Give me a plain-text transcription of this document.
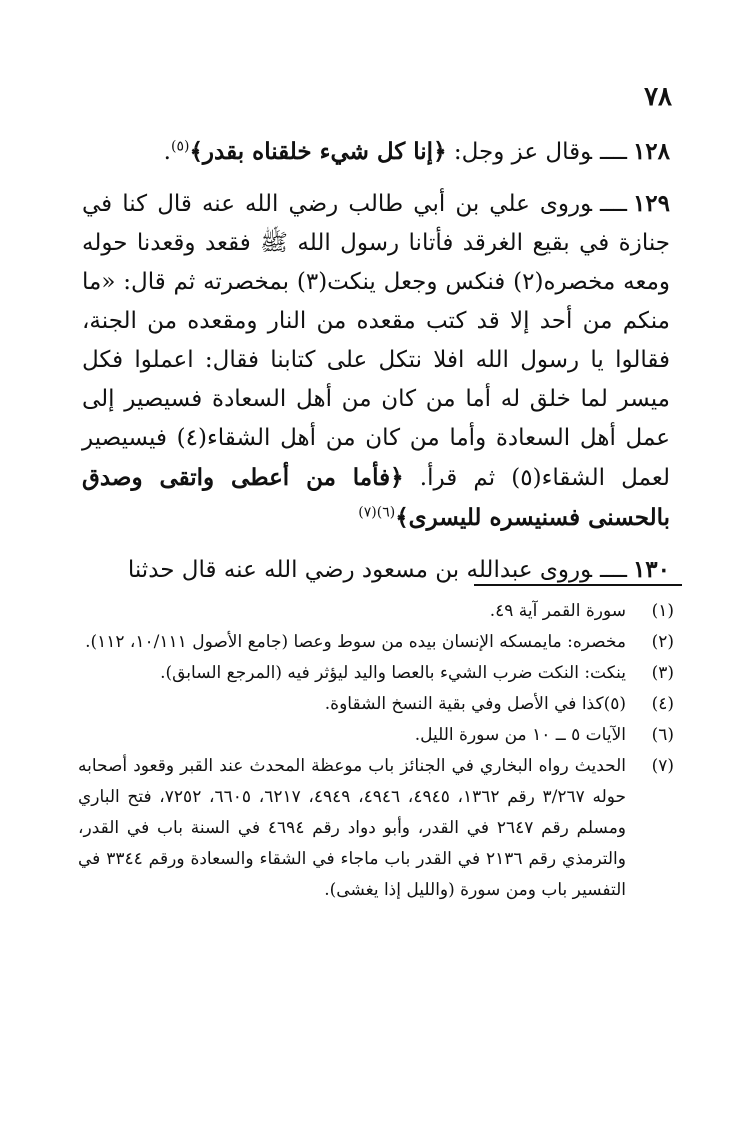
٧٨

١٢٨ــــوقال عز وجل: ﴿إنا كل شيء خلقناه بقدر﴾$^{(٥)}$.

١٢٩ــــوروى علي بن أبي طالب رضي الله عنه قال كنا في جنازة في بقيع الغرقد فأتانا رسول الله ﷺ فقعد وقعدنا حوله ومعه مخصره(٢) فنكس وجعل ينكت(٣) بمخصرته ثم قال: «ما منكم من أحد إلا قد كتب مقعده من النار ومقعده من الجنة، فقالوا يا رسول الله افلا نتكل على كتابنا فقال: اعملوا فكل ميسر لما خلق له أما من كان من أهل السعادة فسيصير إلى عمل أهل السعادة وأما من كان من أهل الشقاء(٤) فيسيصير لعمل الشقاء(٥) ثم قرأ. ﴿فأما من أعطى واتقى وصدق بالحسنى فسنيسره لليسرى﴾$^{(٦)(٧)}$

١٣٠ــــوروى عبدالله بن مسعود رضي الله عنه قال حدثنا

(١)
سورة القمر آية ٤٩.
(٢)
مخصره: مايمسكه الإنسان بيده من سوط وعصا (جامع الأصول ١٠/١١١، ١١٢).
(٣)
ينكت: النكت ضرب الشيء بالعصا واليد ليؤثر فيه (المرجع السابق).
(٤)
(٥)كذا في الأصل وفي بقية النسخ الشقاوة.
(٦)
الآيات ٥ ــ ١٠ من سورة الليل.
(٧)
الحديث رواه البخاري في الجنائز باب موعظة المحدث عند القبر وقعود أصحابه حوله ٣/٢٦٧ رقم ١٣٦٢، ٤٩٤٥، ٤٩٤٦، ٤٩٤٩، ٦٢١٧، ٦٦٠٥، ٧٢٥٢، فتح الباري ومسلم رقم ٢٦٤٧ في القدر، وأبو دواد رقم ٤٦٩٤ في السنة باب في القدر، والترمذي رقم ٢١٣٦ في القدر باب ماجاء في الشقاء والسعادة ورقم ٣٣٤٤ في التفسير باب ومن سورة (والليل إذا يغشى).
